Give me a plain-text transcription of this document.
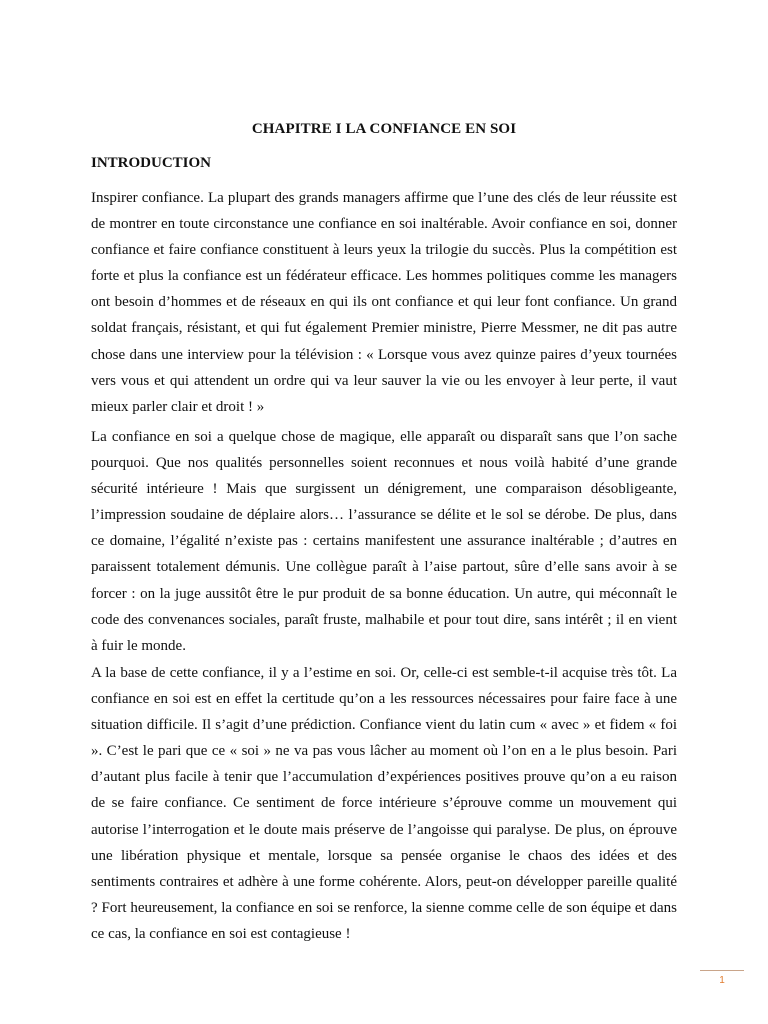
CHAPITRE I LA CONFIANCE EN SOI
INTRODUCTION

Inspirer confiance. La plupart des grands managers affirme que l’une des clés de leur réussite est de montrer en toute circonstance une confiance en soi inaltérable. Avoir confiance en soi, donner confiance et faire confiance constituent à leurs yeux la trilogie du succès. Plus la compétition est forte et plus la confiance est un fédérateur efficace. Les hommes politiques comme les managers ont besoin d’hommes et de réseaux en qui ils ont confiance et qui leur font confiance. Un grand soldat français, résistant, et qui fut également Premier ministre, Pierre Messmer, ne dit pas autre chose dans une interview pour la télévision : « Lorsque vous avez quinze paires d’yeux tournées vers vous et qui attendent un ordre qui va leur sauver la vie ou les envoyer à leur perte, il vaut mieux parler clair et droit ! »

La confiance en soi a quelque chose de magique, elle apparaît ou disparaît sans que l’on sache pourquoi. Que nos qualités personnelles soient reconnues et nous voilà habité d’une grande sécurité intérieure ! Mais que surgissent un dénigrement, une comparaison désobligeante, l’impression soudaine de déplaire alors… l’assurance se délite et le sol se dérobe. De plus, dans ce domaine, l’égalité n’existe pas : certains manifestent une assurance inaltérable ; d’autres en paraissent totalement démunis. Une collègue paraît à l’aise partout, sûre d’elle sans avoir à se forcer : on la juge aussitôt être le pur produit de sa bonne éducation. Un autre, qui méconnaît le code des convenances sociales, paraît fruste, malhabile et pour tout dire, sans intérêt ; il en vient à fuir le monde.

A la base de cette confiance, il y a l’estime en soi. Or, celle-ci est semble-t-il acquise très tôt. La confiance en soi est en effet la certitude qu’on a les ressources nécessaires pour faire face à une situation difficile. Il s’agit d’une prédiction. Confiance vient du latin cum « avec » et fidem « foi ». C’est le pari que ce « soi » ne va pas vous lâcher au moment où l’on en a le plus besoin. Pari d’autant plus facile à tenir que l’accumulation d’expériences positives prouve qu’on a eu raison de se faire confiance. Ce sentiment de force intérieure s’éprouve comme un mouvement qui autorise l’interrogation et le doute mais préserve de l’angoisse qui paralyse. De plus, on éprouve une libération physique et mentale, lorsque sa pensée organise le chaos des idées et des sentiments contraires et adhère à une forme cohérente. Alors, peut-on développer pareille qualité ? Fort heureusement, la confiance en soi se renforce, la sienne comme celle de son équipe et dans ce cas, la confiance en soi est contagieuse !

1
